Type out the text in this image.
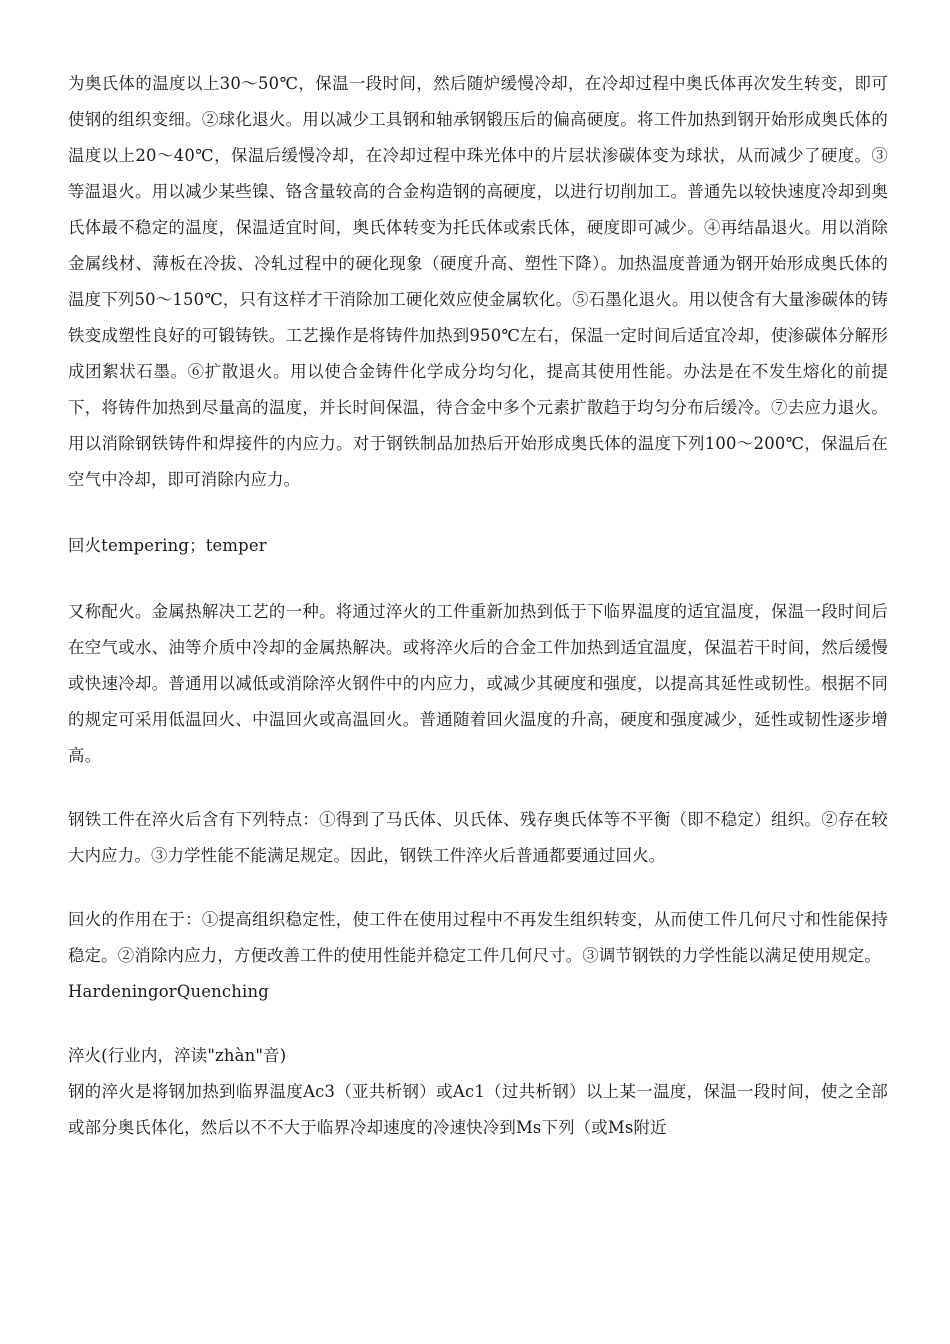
为奥氏体的温度以上30～50℃，保温一段时间，然后随炉缓慢冷却，在冷却过程中奥氏体再次发生转变，即可使钢的组织变细。②球化退火。用以减少工具钢和轴承钢锻压后的偏高硬度。将工件加热到钢开始形成奥氏体的温度以上20～40℃，保温后缓慢冷却，在冷却过程中珠光体中的片层状渗碳体变为球状，从而减少了硬度。③等温退火。用以减少某些镍、铬含量较高的合金构造钢的高硬度，以进行切削加工。普通先以较快速度冷却到奥氏体最不稳定的温度，保温适宜时间，奥氏体转变为托氏体或索氏体，硬度即可减少。④再结晶退火。用以消除金属线材、薄板在冷拔、冷轧过程中的硬化现象（硬度升高、塑性下降）。加热温度普通为钢开始形成奥氏体的温度下列50～150℃，只有这样才干消除加工硬化效应使金属软化。⑤石墨化退火。用以使含有大量渗碳体的铸铁变成塑性良好的可锻铸铁。工艺操作是将铸件加热到950℃左右，保温一定时间后适宜冷却，使渗碳体分解形成团絮状石墨。⑥扩散退火。用以使合金铸件化学成分均匀化，提高其使用性能。办法是在不发生熔化的前提下，将铸件加热到尽量高的温度，并长时间保温，待合金中多个元素扩散趋于均匀分布后缓冷。⑦去应力退火。用以消除钢铁铸件和焊接件的内应力。对于钢铁制品加热后开始形成奥氏体的温度下列100～200℃，保温后在空气中冷却，即可消除内应力。

回火tempering；temper

又称配火。金属热解决工艺的一种。将通过淬火的工件重新加热到低于下临界温度的适宜温度，保温一段时间后在空气或水、油等介质中冷却的金属热解决。或将淬火后的合金工件加热到适宜温度，保温若干时间，然后缓慢或快速冷却。普通用以减低或消除淬火钢件中的内应力，或减少其硬度和强度，以提高其延性或韧性。根据不同的规定可采用低温回火、中温回火或高温回火。普通随着回火温度的升高，硬度和强度减少，延性或韧性逐步增高。

钢铁工件在淬火后含有下列特点：①得到了马氏体、贝氏体、残存奥氏体等不平衡（即不稳定）组织。②存在较大内应力。③力学性能不能满足规定。因此，钢铁工件淬火后普通都要通过回火。

回火的作用在于：①提高组织稳定性，使工件在使用过程中不再发生组织转变，从而使工件几何尺寸和性能保持稳定。②消除内应力，方便改善工件的使用性能并稳定工件几何尺寸。③调节钢铁的力学性能以满足使用规定。

HardeningorQuenching

淬火(行业内，淬读"zhàn"音)

钢的淬火是将钢加热到临界温度Ac3（亚共析钢）或Ac1（过共析钢）以上某一温度，保温一段时间，使之全部或部分奥氏体化，然后以不不大于临界冷却速度的冷速快冷到Ms下列（或Ms附近
